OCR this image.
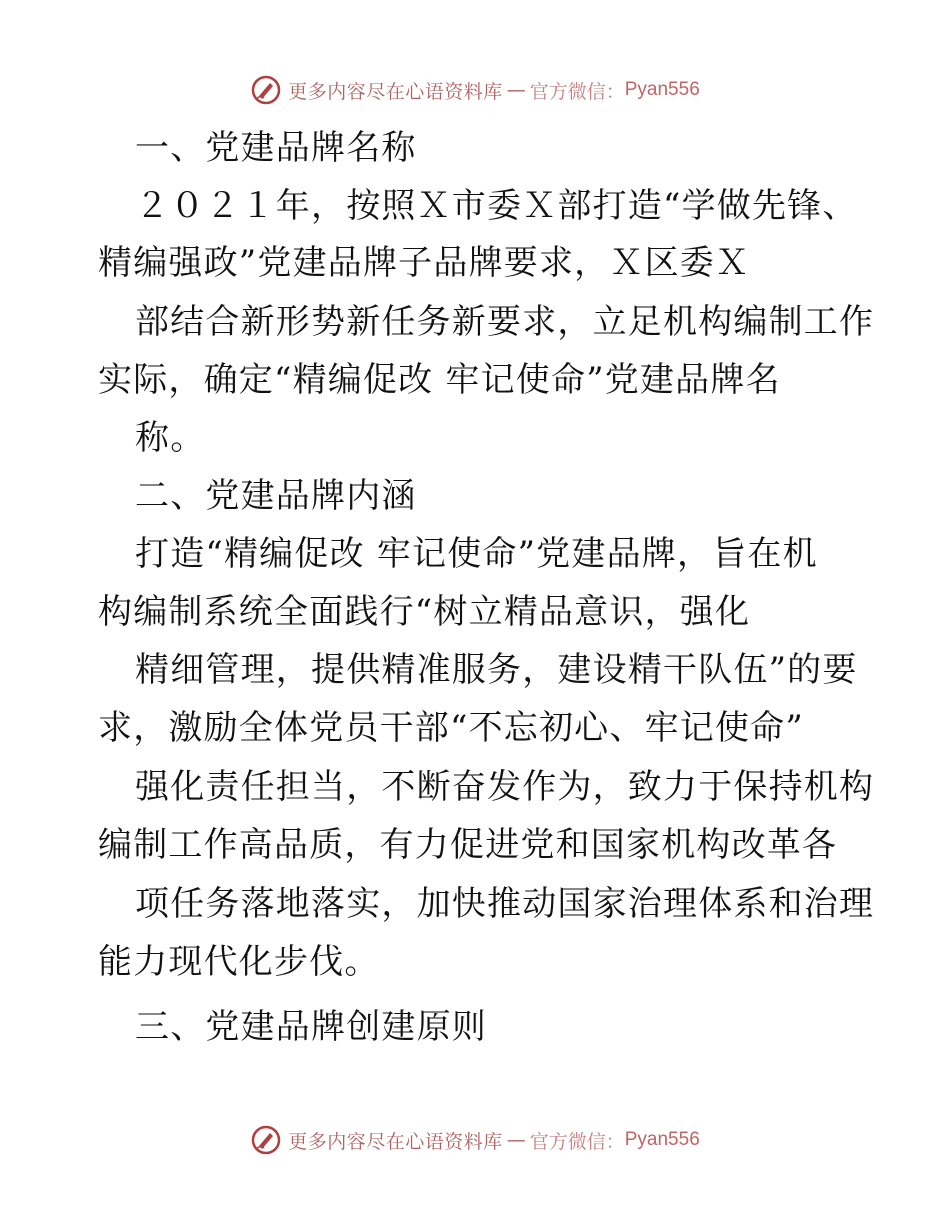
更多内容尽在心语资料库 — 官方微信： Pyan556
一、党建品牌名称
２０２１年，按照Ｘ市委Ｘ部打造“学做先锋、
精编强政”党建品牌子品牌要求，Ｘ区委Ｘ
部结合新形势新任务新要求，立足机构编制工作
实际，确定“精编促改 牢记使命”党建品牌名
称。
二、党建品牌内涵
打造“精编促改 牢记使命”党建品牌，旨在机
构编制系统全面践行“树立精品意识，强化
精细管理，提供精准服务，建设精干队伍”的要
求，激励全体党员干部“不忘初心、牢记使命”
强化责任担当，不断奋发作为，致力于保持机构
编制工作高品质，有力促进党和国家机构改革各
项任务落地落实，加快推动国家治理体系和治理
能力现代化步伐。
三、党建品牌创建原则
更多内容尽在心语资料库 — 官方微信： Pyan556
